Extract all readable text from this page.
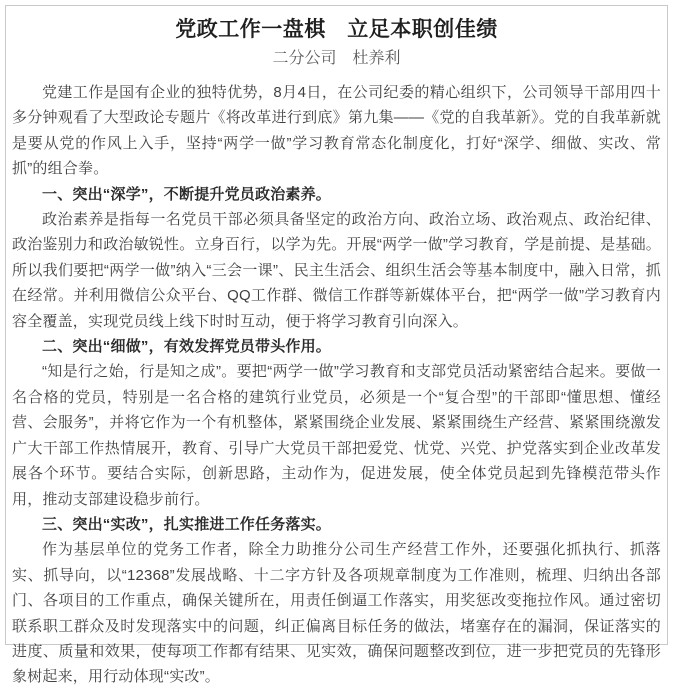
党政工作一盘棋　立足本职创佳绩
二分公司　杜养利

党建工作是国有企业的独特优势，8月4日，在公司纪委的精心组织下，公司领导干部用四十多分钟观看了大型政论专题片《将改革进行到底》第九集——《党的自我革新》。党的自我革新就是要从党的作风上入手，坚持“两学一做”学习教育常态化制度化，打好“深学、细做、实改、常抓”的组合拳。

一、突出“深学”，不断提升党员政治素养。

政治素养是指每一名党员干部必须具备坚定的政治方向、政治立场、政治观点、政治纪律、政治鉴别力和政治敏锐性。立身百行，以学为先。开展“两学一做”学习教育，学是前提、是基础。所以我们要把“两学一做”纳入“三会一课”、民主生活会、组织生活会等基本制度中，融入日常，抓在经常。并利用微信公众平台、QQ工作群、微信工作群等新媒体平台，把“两学一做”学习教育内容全覆盖，实现党员线上线下时时互动，便于将学习教育引向深入。

二、突出“细做”，有效发挥党员带头作用。

“知是行之始，行是知之成”。要把“两学一做”学习教育和支部党员活动紧密结合起来。要做一名合格的党员，特别是一名合格的建筑行业党员，必须是一个“复合型”的干部即“懂思想、懂经营、会服务”，并将它作为一个有机整体，紧紧围绕企业发展、紧紧围绕生产经营、紧紧围绕激发广大干部工作热情展开，教育、引导广大党员干部把爱党、忧党、兴党、护党落实到企业改革发展各个环节。要结合实际，创新思路，主动作为，促进发展，使全体党员起到先锋模范带头作用，推动支部建设稳步前行。

三、突出“实改”，扎实推进工作任务落实。

作为基层单位的党务工作者，除全力助推分公司生产经营工作外，还要强化抓执行、抓落实、抓导向，以“12368”发展战略、十二字方针及各项规章制度为工作准则，梳理、归纳出各部门、各项目的工作重点，确保关键所在，用责任倒逼工作落实，用奖惩改变拖拉作风。通过密切联系职工群众及时发现落实中的问题，纠正偏离目标任务的做法，堵塞存在的漏洞，保证落实的进度、质量和效果，使每项工作都有结果、见实效，确保问题整改到位，进一步把党员的先锋形象树起来，用行动体现“实改”。
